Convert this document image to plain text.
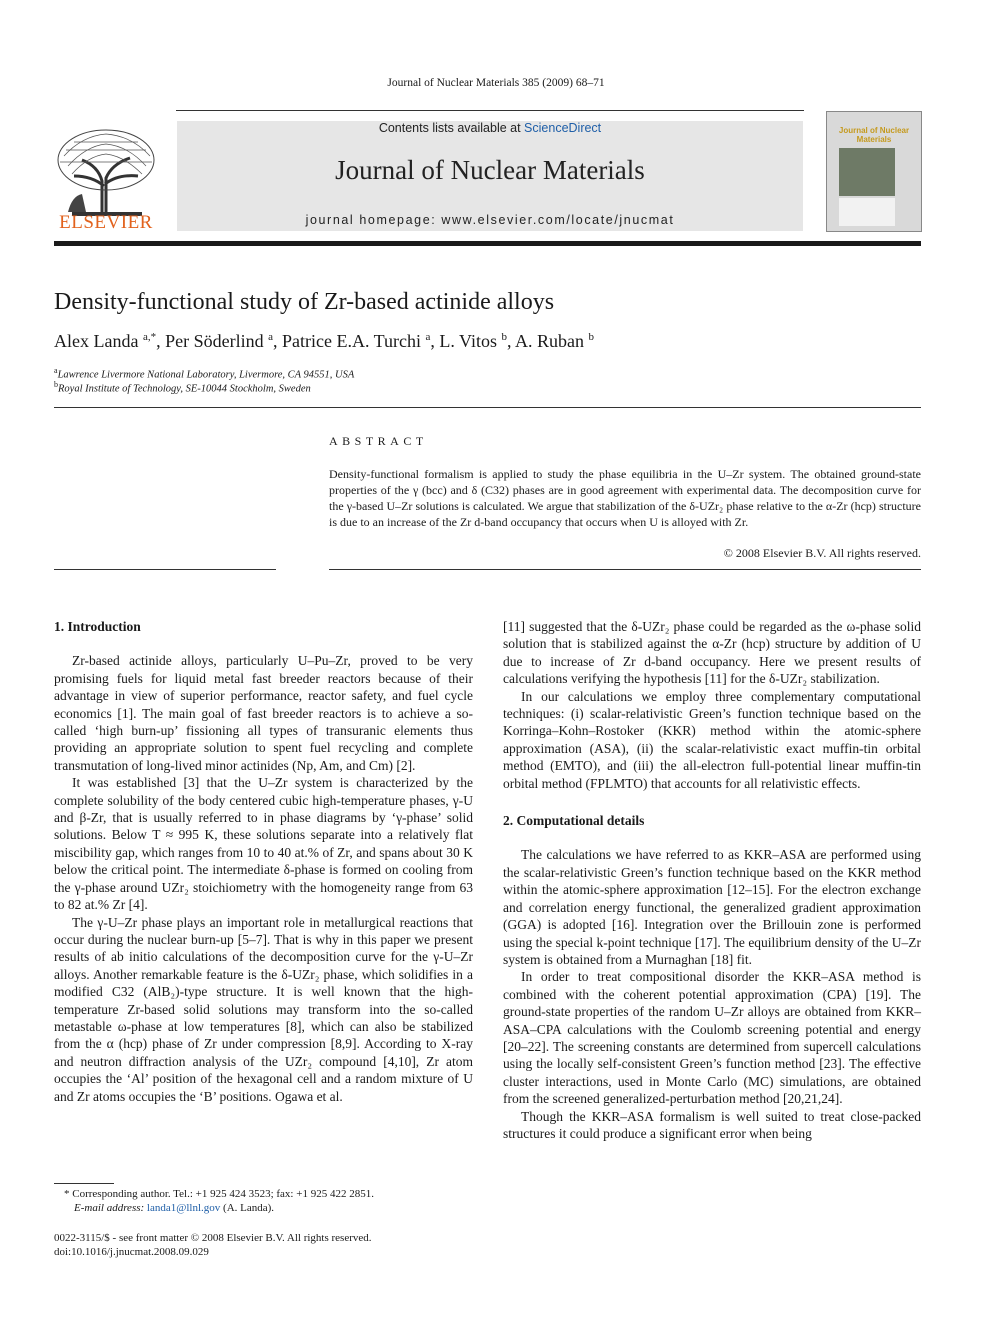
Journal of Nuclear Materials 385 (2009) 68–71
ELSEVIER
Contents lists available at ScienceDirect
Journal of Nuclear Materials
journal homepage: www.elsevier.com/locate/jnucmat
Journal of Nuclear Materials
Density-functional study of Zr-based actinide alloys
Alex Landa $^{a,*}$, Per Söderlind $^a$, Patrice E.A. Turchi $^a$, L. Vitos $^b$, A. Ruban $^b$
$^a$Lawrence Livermore National Laboratory, Livermore, CA 94551, USA
$^b$Royal Institute of Technology, SE-10044 Stockholm, Sweden
ABSTRACT
Density-functional formalism is applied to study the phase equilibria in the U–Zr system. The obtained ground-state properties of the γ (bcc) and δ (C32) phases are in good agreement with experimental data. The decomposition curve for the γ-based U–Zr solutions is calculated. We argue that stabilization of the δ-UZr₂ phase relative to the α-Zr (hcp) structure is due to an increase of the Zr d-band occupancy that occurs when U is alloyed with Zr.
© 2008 Elsevier B.V. All rights reserved.
1. Introduction

Zr-based actinide alloys, particularly U–Pu–Zr, proved to be very promising fuels for liquid metal fast breeder reactors because of their advantage in view of superior performance, reactor safety, and fuel cycle economics [1]. The main goal of fast breeder reactors is to achieve a so-called ‘high burn-up’ fissioning all types of transuranic elements thus providing an appropriate solution to spent fuel recycling and complete transmutation of long-lived minor actinides (Np, Am, and Cm) [2].

It was established [3] that the U–Zr system is characterized by the complete solubility of the body centered cubic high-temperature phases, γ-U and β-Zr, that is usually referred to in phase diagrams by ‘γ-phase’ solid solutions. Below T ≈ 995 K, these solutions separate into a relatively flat miscibility gap, which ranges from 10 to 40 at.% of Zr, and spans about 30 K below the critical point. The intermediate δ-phase is formed on cooling from the γ-phase around UZr₂ stoichiometry with the homogeneity range from 63 to 82 at.% Zr [4].

The γ-U–Zr phase plays an important role in metallurgical reactions that occur during the nuclear burn-up [5–7]. That is why in this paper we present results of ab initio calculations of the decomposition curve for the γ-U–Zr alloys. Another remarkable feature is the δ-UZr₂ phase, which solidifies in a modified C32 (AlB₂)-type structure. It is well known that the high-temperature Zr-based solid solutions may transform into the so-called metastable ω-phase at low temperatures [8], which can also be stabilized from the α (hcp) phase of Zr under compression [8,9]. According to X-ray and neutron diffraction analysis of the UZr₂ compound [4,10], Zr atom occupies the ‘Al’ position of the hexagonal cell and a random mixture of U and Zr atoms occupies the ‘B’ positions. Ogawa et al.

[11] suggested that the δ-UZr₂ phase could be regarded as the ω-phase solid solution that is stabilized against the α-Zr (hcp) structure by addition of U due to increase of Zr d-band occupancy. Here we present results of calculations verifying the hypothesis [11] for the δ-UZr₂ stabilization.

In our calculations we employ three complementary computational techniques: (i) scalar-relativistic Green’s function technique based on the Korringa–Kohn–Rostoker (KKR) method within the atomic-sphere approximation (ASA), (ii) the scalar-relativistic exact muffin-tin orbital method (EMTO), and (iii) the all-electron full-potential linear muffin-tin orbital method (FPLMTO) that accounts for all relativistic effects.

2. Computational details

The calculations we have referred to as KKR–ASA are performed using the scalar-relativistic Green’s function technique based on the KKR method within the atomic-sphere approximation [12–15]. For the electron exchange and correlation energy functional, the generalized gradient approximation (GGA) is adopted [16]. Integration over the Brillouin zone is performed using the special k-point technique [17]. The equilibrium density of the U–Zr system is obtained from a Murnaghan [18] fit.

In order to treat compositional disorder the KKR–ASA method is combined with the coherent potential approximation (CPA) [19]. The ground-state properties of the random U–Zr alloys are obtained from KKR–ASA–CPA calculations with the Coulomb screening potential and energy [20–22]. The screening constants are determined from supercell calculations using the locally self-consistent Green’s function method [23]. The effective cluster interactions, used in Monte Carlo (MC) simulations, are obtained from the screened generalized-perturbation method [20,21,24].

Though the KKR–ASA formalism is well suited to treat close-packed structures it could produce a significant error when being

* Corresponding author. Tel.: +1 925 424 3523; fax: +1 925 422 2851.
E-mail address: landa1@llnl.gov (A. Landa).
0022-3115/$ - see front matter © 2008 Elsevier B.V. All rights reserved.
doi:10.1016/j.jnucmat.2008.09.029
